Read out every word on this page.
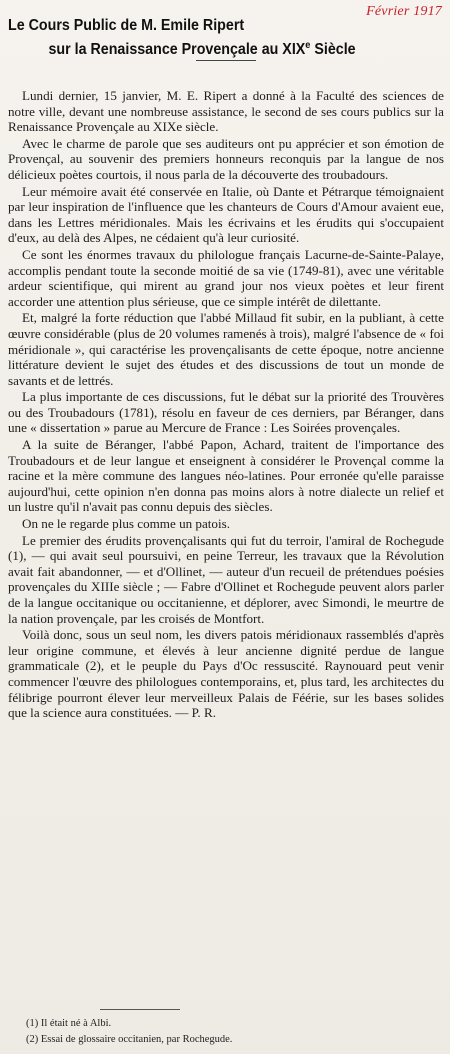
Février 1917
Le Cours Public de M. Emile Ripert
sur la Renaissance Provençale au XIXe Siècle

Lundi dernier, 15 janvier, M. E. Ripert a donné à la Faculté des sciences de notre ville, devant une nombreuse assistance, le second de ses cours publics sur la Renaissance Provençale au XIXe siècle.

Avec le charme de parole que ses auditeurs ont pu apprécier et son émotion de Provençal, au souvenir des premiers honneurs reconquis par la langue de nos délicieux poètes courtois, il nous parla de la découverte des troubadours.

Leur mémoire avait été conservée en Italie, où Dante et Pétrarque témoignaient par leur inspiration de l'influence que les chanteurs de Cours d'Amour avaient eue, dans les Lettres méridionales. Mais les écrivains et les érudits qui s'occupaient d'eux, au delà des Alpes, ne cédaient qu'à leur curiosité.

Ce sont les énormes travaux du philologue français Lacurne-de-Sainte-Palaye, accomplis pendant toute la seconde moitié de sa vie (1749-81), avec une véritable ardeur scientifique, qui mirent au grand jour nos vieux poètes et leur firent accorder une attention plus sérieuse, que ce simple intérêt de dilettante.

Et, malgré la forte réduction que l'abbé Millaud fit subir, en la publiant, à cette œuvre considérable (plus de 20 volumes ramenés à trois), malgré l'absence de « foi méridionale », qui caractérise les provençalisants de cette époque, notre ancienne littérature devient le sujet des études et des discussions de tout un monde de savants et de lettrés.

La plus importante de ces discussions, fut le débat sur la priorité des Trouvères ou des Troubadours (1781), résolu en faveur de ces derniers, par Béranger, dans une « dissertation » parue au Mercure de France : Les Soirées provençales.

A la suite de Béranger, l'abbé Papon, Achard, traitent de l'importance des Troubadours et de leur langue et enseignent à considérer le Provençal comme la racine et la mère commune des langues néo-latines. Pour erronée qu'elle paraisse aujourd'hui, cette opinion n'en donna pas moins alors à notre dialecte un relief et un lustre qu'il n'avait pas connu depuis des siècles.

On ne le regarde plus comme un patois.

Le premier des érudits provençalisants qui fut du terroir, l'amiral de Rochegude (1), — qui avait seul poursuivi, en peine Terreur, les travaux que la Révolution avait fait abandonner, — et d'Ollinet, — auteur d'un recueil de prétendues poésies provençales du XIIIe siècle ; — Fabre d'Ollinet et Rochegude peuvent alors parler de la langue occitanique ou occitanienne, et déplorer, avec Simondi, le meurtre de la nation provençale, par les croisés de Montfort.

Voilà donc, sous un seul nom, les divers patois méridionaux rassemblés d'après leur origine commune, et élevés à leur ancienne dignité perdue de langue grammaticale (2), et le peuple du Pays d'Oc ressuscité. Raynouard peut venir commencer l'œuvre des philologues contemporains, et, plus tard, les architectes du félibrige pourront élever leur merveilleux Palais de Féérie, sur les bases solides que la science aura constituées. — P. R.

(1) Il était né à Albi.
(2) Essai de glossaire occitanien, par Rochegude.
